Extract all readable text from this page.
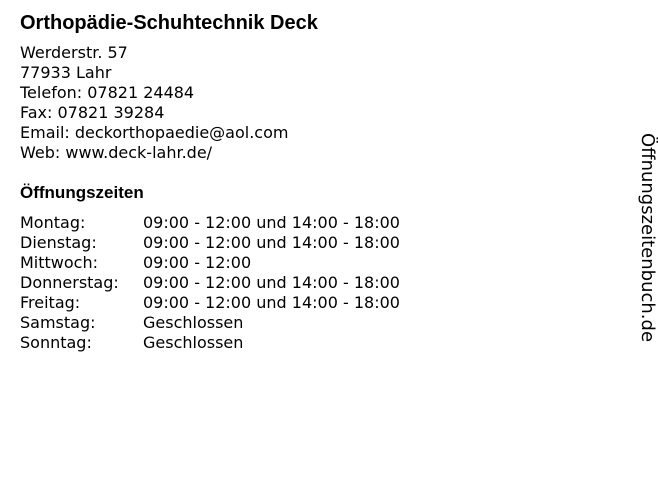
Orthopädie-Schuhtechnik Deck
Werderstr. 57
77933 Lahr
Telefon: 07821 24484
Fax: 07821 39284
Email: deckorthopaedie@aol.com
Web: www.deck-lahr.de/
Öffnungszeiten
Montag:	09:00 - 12:00 und 14:00 - 18:00
Dienstag:	09:00 - 12:00 und 14:00 - 18:00
Mittwoch:	09:00 - 12:00
Donnerstag: 09:00 - 12:00 und 14:00 - 18:00
Freitag:	09:00 - 12:00 und 14:00 - 18:00
Samstag:	Geschlossen
Sonntag:	Geschlossen
Öffnungszeitenbuch.de
